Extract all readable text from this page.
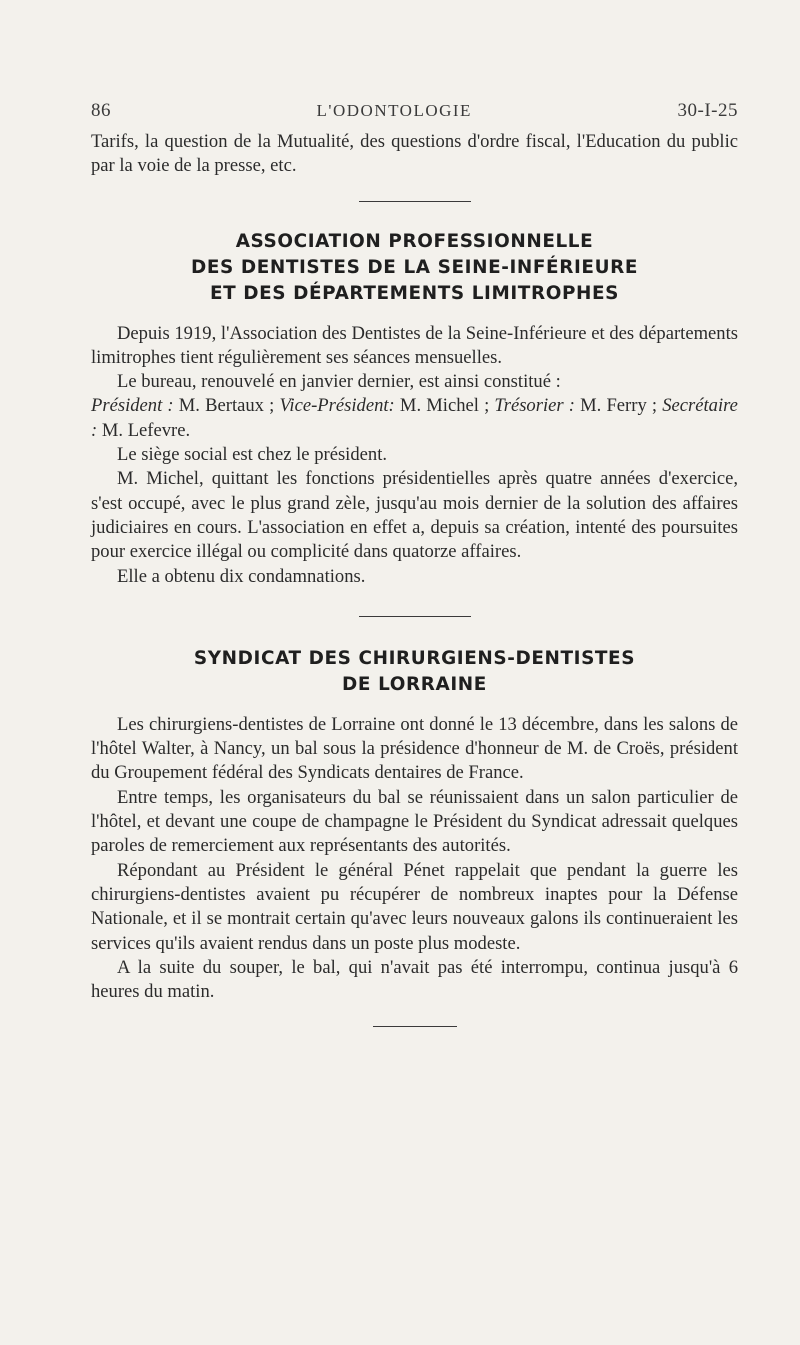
86	L'ODONTOLOGIE	30-I-25

Tarifs, la question de la Mutualité, des questions d'ordre fiscal, l'Education du public par la voie de la presse, etc.

ASSOCIATION PROFESSIONNELLE
DES DENTISTES DE LA SEINE-INFÉRIEURE
ET DES DÉPARTEMENTS LIMITROPHES

Depuis 1919, l'Association des Dentistes de la Seine-Inférieure et des départements limitrophes tient régulièrement ses séances mensuelles.

Le bureau, renouvelé en janvier dernier, est ainsi constitué :
Président : M. Bertaux ; Vice-Président: M. Michel ; Trésorier : M. Ferry ; Secrétaire : M. Lefevre.

Le siège social est chez le président.

M. Michel, quittant les fonctions présidentielles après quatre années d'exercice, s'est occupé, avec le plus grand zèle, jusqu'au mois dernier de la solution des affaires judiciaires en cours. L'association en effet a, depuis sa création, intenté des poursuites pour exercice illégal ou complicité dans quatorze affaires.

Elle a obtenu dix condamnations.

SYNDICAT DES CHIRURGIENS-DENTISTES
DE LORRAINE

Les chirurgiens-dentistes de Lorraine ont donné le 13 décembre, dans les salons de l'hôtel Walter, à Nancy, un bal sous la présidence d'honneur de M. de Croës, président du Groupement fédéral des Syndicats dentaires de France.

Entre temps, les organisateurs du bal se réunissaient dans un salon particulier de l'hôtel, et devant une coupe de champagne le Président du Syndicat adressait quelques paroles de remerciement aux représentants des autorités.

Répondant au Président le général Pénet rappelait que pendant la guerre les chirurgiens-dentistes avaient pu récupérer de nombreux inaptes pour la Défense Nationale, et il se montrait certain qu'avec leurs nouveaux galons ils continueraient les services qu'ils avaient rendus dans un poste plus modeste.

A la suite du souper, le bal, qui n'avait pas été interrompu, continua jusqu'à 6 heures du matin.
